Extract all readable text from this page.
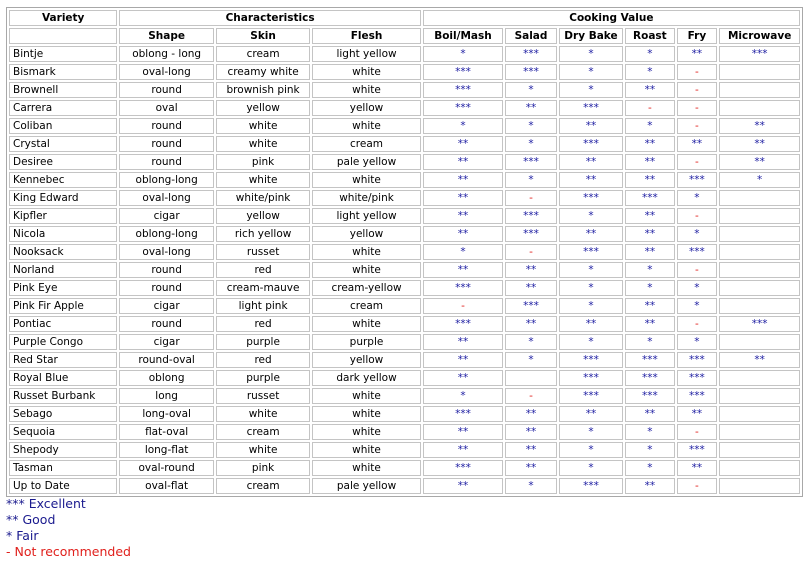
Variety	Characteristics			Cooking Value					
	Shape	Skin	Flesh	Boil/Mash	Salad	Dry Bake	Roast	Fry	Microwave
Bintje	oblong - long	cream	light yellow	*	***	*	*	**	***
Bismark	oval-long	creamy white	white	***	***	*	*	-	
Brownell	round	brownish pink	white	***	*	*	**	-	
Carrera	oval	yellow	yellow	***	**	***	-	-	
Coliban	round	white	white	*	*	**	*	-	**
Crystal	round	white	cream	**	*	***	**	**	**
Desiree	round	pink	pale yellow	**	***	**	**	-	**
Kennebec	oblong-long	white	white	**	*	**	**	***	*
King Edward	oval-long	white/pink	white/pink	**	-	***	***	*	
Kipfler	cigar	yellow	light yellow	**	***	*	**	-	
Nicola	oblong-long	rich yellow	yellow	**	***	**	**	*	
Nooksack	oval-long	russet	white	*	-	***	**	***	
Norland	round	red	white	**	**	*	*	-	
Pink Eye	round	cream-mauve	cream-yellow	***	**	*	*	*	
Pink Fir Apple	cigar	light pink	cream	-	***	*	**	*	
Pontiac	round	red	white	***	**	**	**	-	***
Purple Congo	cigar	purple	purple	**	*	*	*	*	
Red Star	round-oval	red	yellow	**	*	***	***	***	**
Royal Blue	oblong	purple	dark yellow	**		***	***	***	
Russet Burbank	long	russet	white	*	-	***	***	***	
Sebago	long-oval	white	white	***	**	**	**	**	
Sequoia	flat-oval	cream	white	**	**	*	*	-	
Shepody	long-flat	white	white	**	**	*	*	***	
Tasman	oval-round	pink	white	***	**	*	*	**	
Up to Date	oval-flat	cream	pale yellow	**	*	***	**	-	
*** Excellent
** Good
* Fair
- Not recommended
